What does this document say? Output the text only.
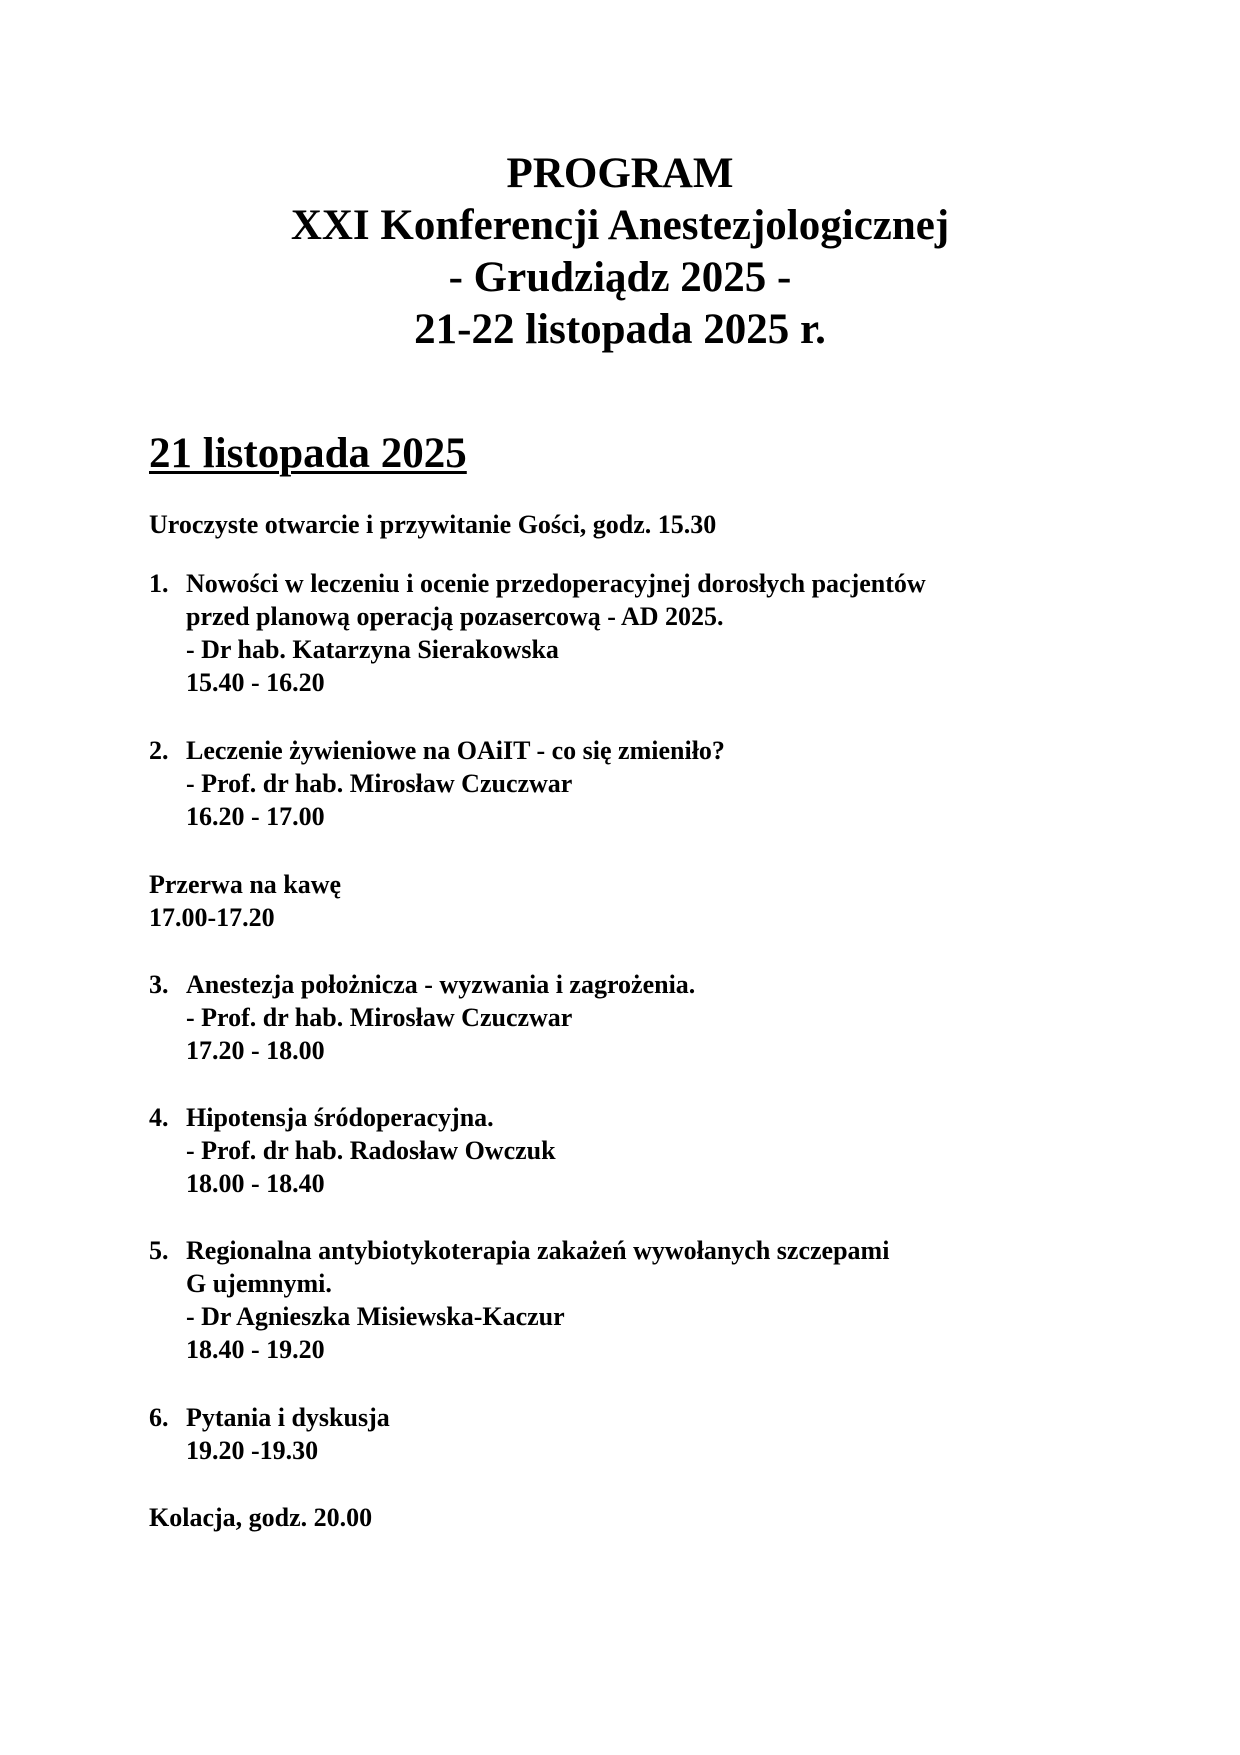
PROGRAM
XXI Konferencji Anestezjologicznej
- Grudziądz 2025 -
21-22 listopada 2025 r.
21 listopada 2025
Uroczyste otwarcie i przywitanie Gości, godz. 15.30
1. Nowości w leczeniu i ocenie przedoperacyjnej dorosłych pacjentów
przed planową operacją pozasercową - AD 2025.
- Dr hab. Katarzyna Sierakowska
15.40 - 16.20
2. Leczenie żywieniowe na OAiIT - co się zmieniło?
- Prof. dr hab. Mirosław Czuczwar
16.20 - 17.00
Przerwa na kawę
17.00-17.20
3. Anestezja położnicza - wyzwania i zagrożenia.
- Prof. dr hab. Mirosław Czuczwar
17.20 - 18.00
4. Hipotensja śródoperacyjna.
- Prof. dr hab. Radosław Owczuk
18.00 - 18.40
5. Regionalna antybiotykoterapia zakażeń wywołanych szczepami
G ujemnymi.
- Dr Agnieszka Misiewska-Kaczur
18.40 - 19.20
6. Pytania i dyskusja
19.20 -19.30
Kolacja, godz. 20.00
